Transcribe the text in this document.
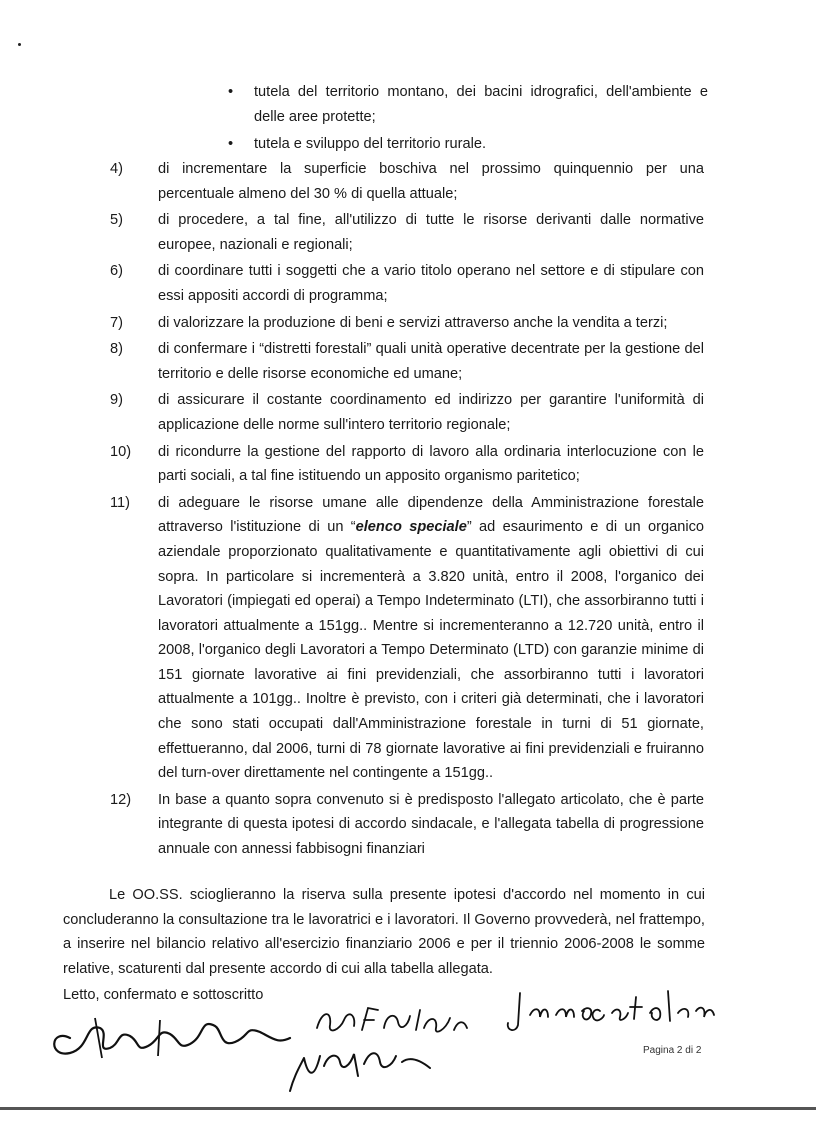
• tutela del territorio montano, dei bacini idrografici, dell'ambiente e delle aree protette;
• tutela e sviluppo del territorio rurale.
4)	di incrementare la superficie boschiva nel prossimo quinquennio per una percentuale almeno del 30 % di quella attuale;
5)	di procedere, a tal fine, all'utilizzo di tutte le risorse derivanti dalle normative europee, nazionali e regionali;
6)	di coordinare tutti i soggetti che a vario titolo operano nel settore e di stipulare con essi appositi accordi di programma;
7)	di valorizzare la produzione di beni e servizi attraverso anche la vendita a terzi;
8)	di confermare i “distretti forestali” quali unità operative decentrate per la gestione del territorio e delle risorse economiche ed umane;
9)	di assicurare il costante coordinamento ed indirizzo per garantire l'uniformità di applicazione delle norme sull'intero territorio regionale;
10)	di ricondurre la gestione del rapporto di lavoro alla ordinaria interlocuzione con le parti sociali, a tal fine istituendo un apposito organismo paritetico;
11)	di adeguare le risorse umane alle dipendenze della Amministrazione forestale attraverso l'istituzione di un “elenco speciale” ad esaurimento e di un organico aziendale proporzionato qualitativamente e quantitativamente agli obiettivi di cui sopra. In particolare si incrementerà a 3.820 unità, entro il 2008, l'organico dei Lavoratori (impiegati ed operai) a Tempo Indeterminato (LTI), che assorbiranno tutti i lavoratori attualmente a 151gg.. Mentre si incrementeranno a 12.720 unità, entro il 2008, l'organico degli Lavoratori a Tempo Determinato (LTD) con garanzie minime di 151 giornate lavorative ai fini previdenziali, che assorbiranno tutti i lavoratori attualmente a 101gg.. Inoltre è previsto, con i criteri già determinati, che i lavoratori che sono stati occupati dall'Amministrazione forestale in turni di 51 giornate, effettueranno, dal 2006, turni di 78 giornate lavorative ai fini previdenziali e fruiranno del turn-over direttamente nel contingente a 151gg..
12)	In base a quanto sopra convenuto si è predisposto l'allegato articolato, che è parte integrante di questa ipotesi di accordo sindacale, e l'allegata tabella di progressione annuale con annessi fabbisogni finanziari
Le OO.SS. scioglieranno la riserva sulla presente ipotesi d'accordo nel momento in cui concluderanno la consultazione tra le lavoratrici e i lavoratori. Il Governo provvederà, nel frattempo, a inserire nel bilancio relativo all'esercizio finanziario 2006 e per il triennio 2006-2008 le somme relative, scaturenti dal presente accordo di cui alla tabella allegata.
Letto, confermato e sottoscritto
Pagina 2 di 2
